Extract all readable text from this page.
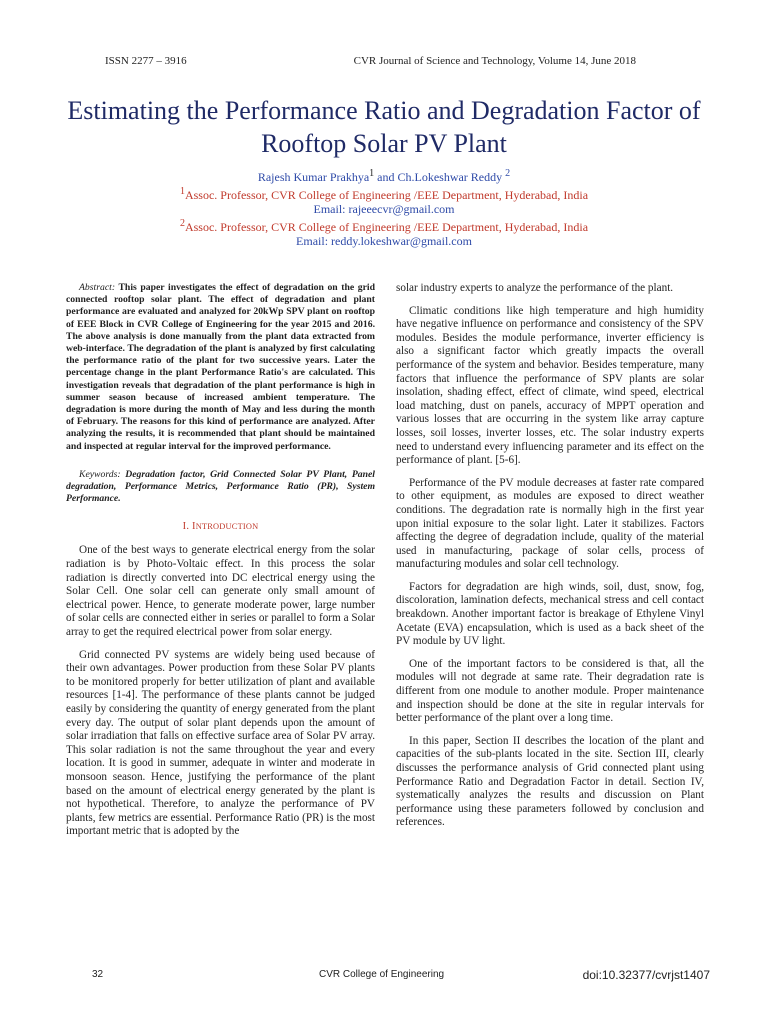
ISSN 2277 – 3916	CVR Journal of Science and Technology, Volume 14, June 2018
Estimating the Performance Ratio and Degradation Factor of Rooftop Solar PV Plant
Rajesh Kumar Prakhya$^1$ and Ch.Lokeshwar Reddy $^2$
$^1$Assoc. Professor, CVR College of Engineering /EEE Department, Hyderabad, India
Email: rajeeecvr@gmail.com
$^2$Assoc. Professor, CVR College of Engineering /EEE Department, Hyderabad, India
Email: reddy.lokeshwar@gmail.com

Abstract: This paper investigates the effect of degradation on the grid connected rooftop solar plant. The effect of degradation and plant performance are evaluated and analyzed for 20kWp SPV plant on rooftop of EEE Block in CVR College of Engineering for the year 2015 and 2016. The above analysis is done manually from the plant data extracted from web-interface. The degradation of the plant is analyzed by first calculating the performance ratio of the plant for two successive years. Later the percentage change in the plant Performance Ratio's are calculated. This investigation reveals that degradation of the plant performance is high in summer season because of increased ambient temperature. The degradation is more during the month of May and less during the month of February. The reasons for this kind of performance are analyzed. After analyzing the results, it is recommended that plant should be maintained and inspected at regular interval for the improved performance.

Keywords: Degradation factor, Grid Connected Solar PV Plant, Panel degradation, Performance Metrics, Performance Ratio (PR), System Performance.

I. INTRODUCTION

One of the best ways to generate electrical energy from the solar radiation is by Photo-Voltaic effect. In this process the solar radiation is directly converted into DC electrical energy using the Solar Cell. One solar cell can generate only small amount of electrical power. Hence, to generate moderate power, large number of solar cells are connected either in series or parallel to form a Solar array to get the required electrical power from solar energy.

Grid connected PV systems are widely being used because of their own advantages. Power production from these Solar PV plants to be monitored properly for better utilization of plant and available resources [1-4]. The performance of these plants cannot be judged easily by considering the quantity of energy generated from the plant every day. The output of solar plant depends upon the amount of solar irradiation that falls on effective surface area of Solar PV array. This solar radiation is not the same throughout the year and every location. It is good in summer, adequate in winter and moderate in monsoon season. Hence, justifying the performance of the plant based on the amount of electrical energy generated by the plant is not hypothetical. Therefore, to analyze the performance of PV plants, few metrics are essential. Performance Ratio (PR) is the most important metric that is adopted by the

solar industry experts to analyze the performance of the plant.

Climatic conditions like high temperature and high humidity have negative influence on performance and consistency of the SPV modules. Besides the module performance, inverter efficiency is also a significant factor which greatly impacts the overall performance of the system and behavior. Besides temperature, many factors that influence the performance of SPV plants are solar insolation, shading effect, effect of climate, wind speed, electrical load matching, dust on panels, accuracy of MPPT operation and various losses that are occurring in the system like array capture losses, soil losses, inverter losses, etc. The solar industry experts need to understand every influencing parameter and its effect on the performance of plant. [5-6].

Performance of the PV module decreases at faster rate compared to other equipment, as modules are exposed to direct weather conditions. The degradation rate is normally high in the first year upon initial exposure to the solar light. Later it stabilizes. Factors affecting the degree of degradation include, quality of the material used in manufacturing, package of solar cells, process of manufacturing modules and solar cell technology.

Factors for degradation are high winds, soil, dust, snow, fog, discoloration, lamination defects, mechanical stress and cell contact breakdown. Another important factor is breakage of Ethylene Vinyl Acetate (EVA) encapsulation, which is used as a back sheet of the PV module by UV light.

One of the important factors to be considered is that, all the modules will not degrade at same rate. Their degradation rate is different from one module to another module. Proper maintenance and inspection should be done at the site in regular intervals for better performance of the plant over a long time.

In this paper, Section II describes the location of the plant and capacities of the sub-plants located in the site. Section III, clearly discusses the performance analysis of Grid connected plant using Performance Ratio and Degradation Factor in detail. Section IV, systematically analyzes the results and discussion on Plant performance using these parameters followed by conclusion and references.

32	CVR College of Engineering	doi:10.32377/cvrjst1407
